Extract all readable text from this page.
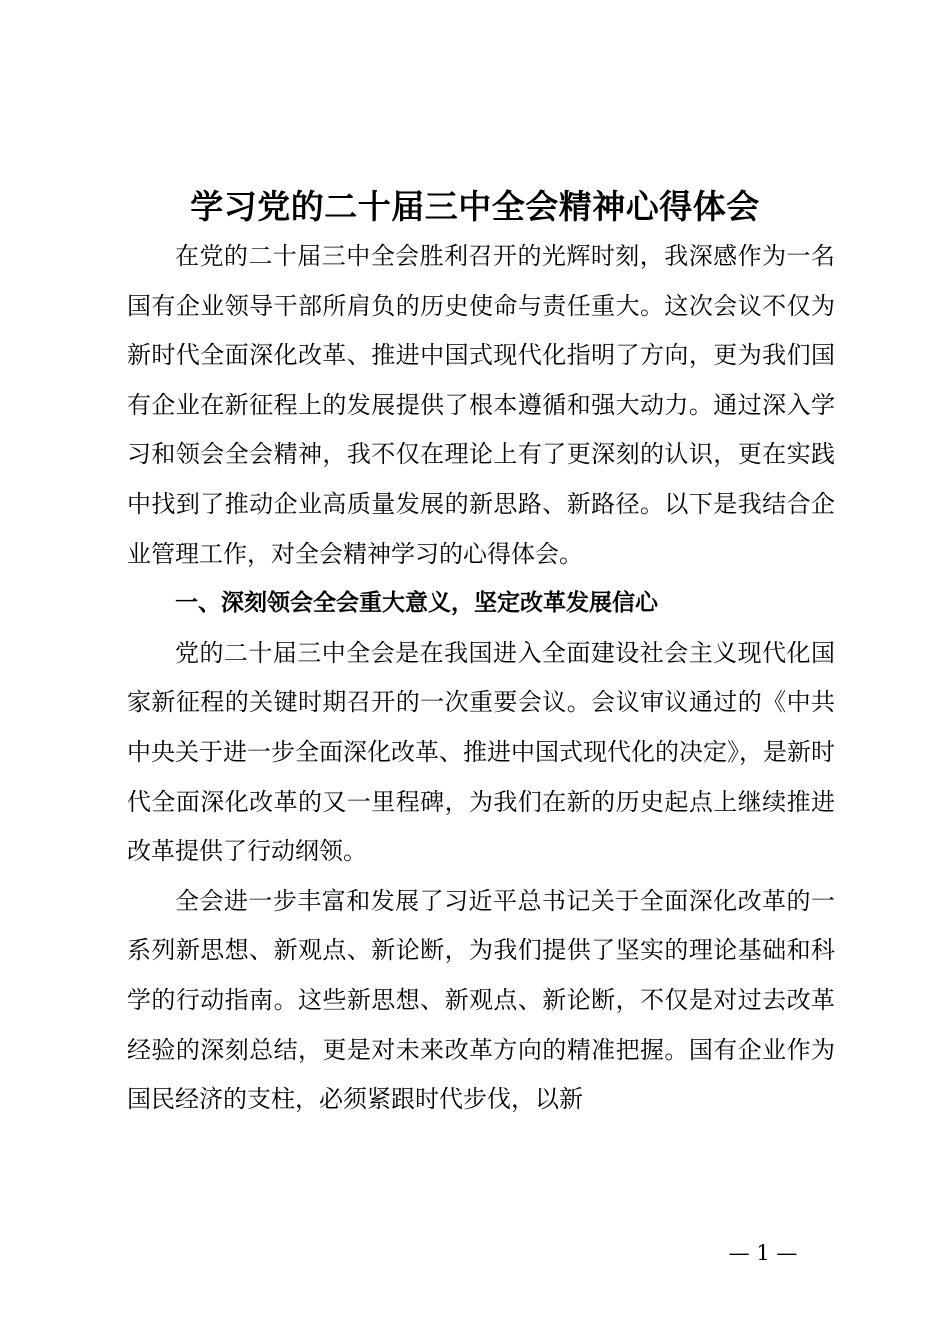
学习党的二十届三中全会精神心得体会

在党的二十届三中全会胜利召开的光辉时刻，我深感作为一名国有企业领导干部所肩负的历史使命与责任重大。这次会议不仅为新时代全面深化改革、推进中国式现代化指明了方向，更为我们国有企业在新征程上的发展提供了根本遵循和强大动力。通过深入学习和领会全会精神，我不仅在理论上有了更深刻的认识，更在实践中找到了推动企业高质量发展的新思路、新路径。以下是我结合企业管理工作，对全会精神学习的心得体会。

一、深刻领会全会重大意义，坚定改革发展信心

党的二十届三中全会是在我国进入全面建设社会主义现代化国家新征程的关键时期召开的一次重要会议。会议审议通过的《中共中央关于进一步全面深化改革、推进中国式现代化的决定》，是新时代全面深化改革的又一里程碑，为我们在新的历史起点上继续推进改革提供了行动纲领。

全会进一步丰富和发展了习近平总书记关于全面深化改革的一系列新思想、新观点、新论断，为我们提供了坚实的理论基础和科学的行动指南。这些新思想、新观点、新论断，不仅是对过去改革经验的深刻总结，更是对未来改革方向的精准把握。国有企业作为国民经济的支柱，必须紧跟时代步伐，以新

— 1 —
